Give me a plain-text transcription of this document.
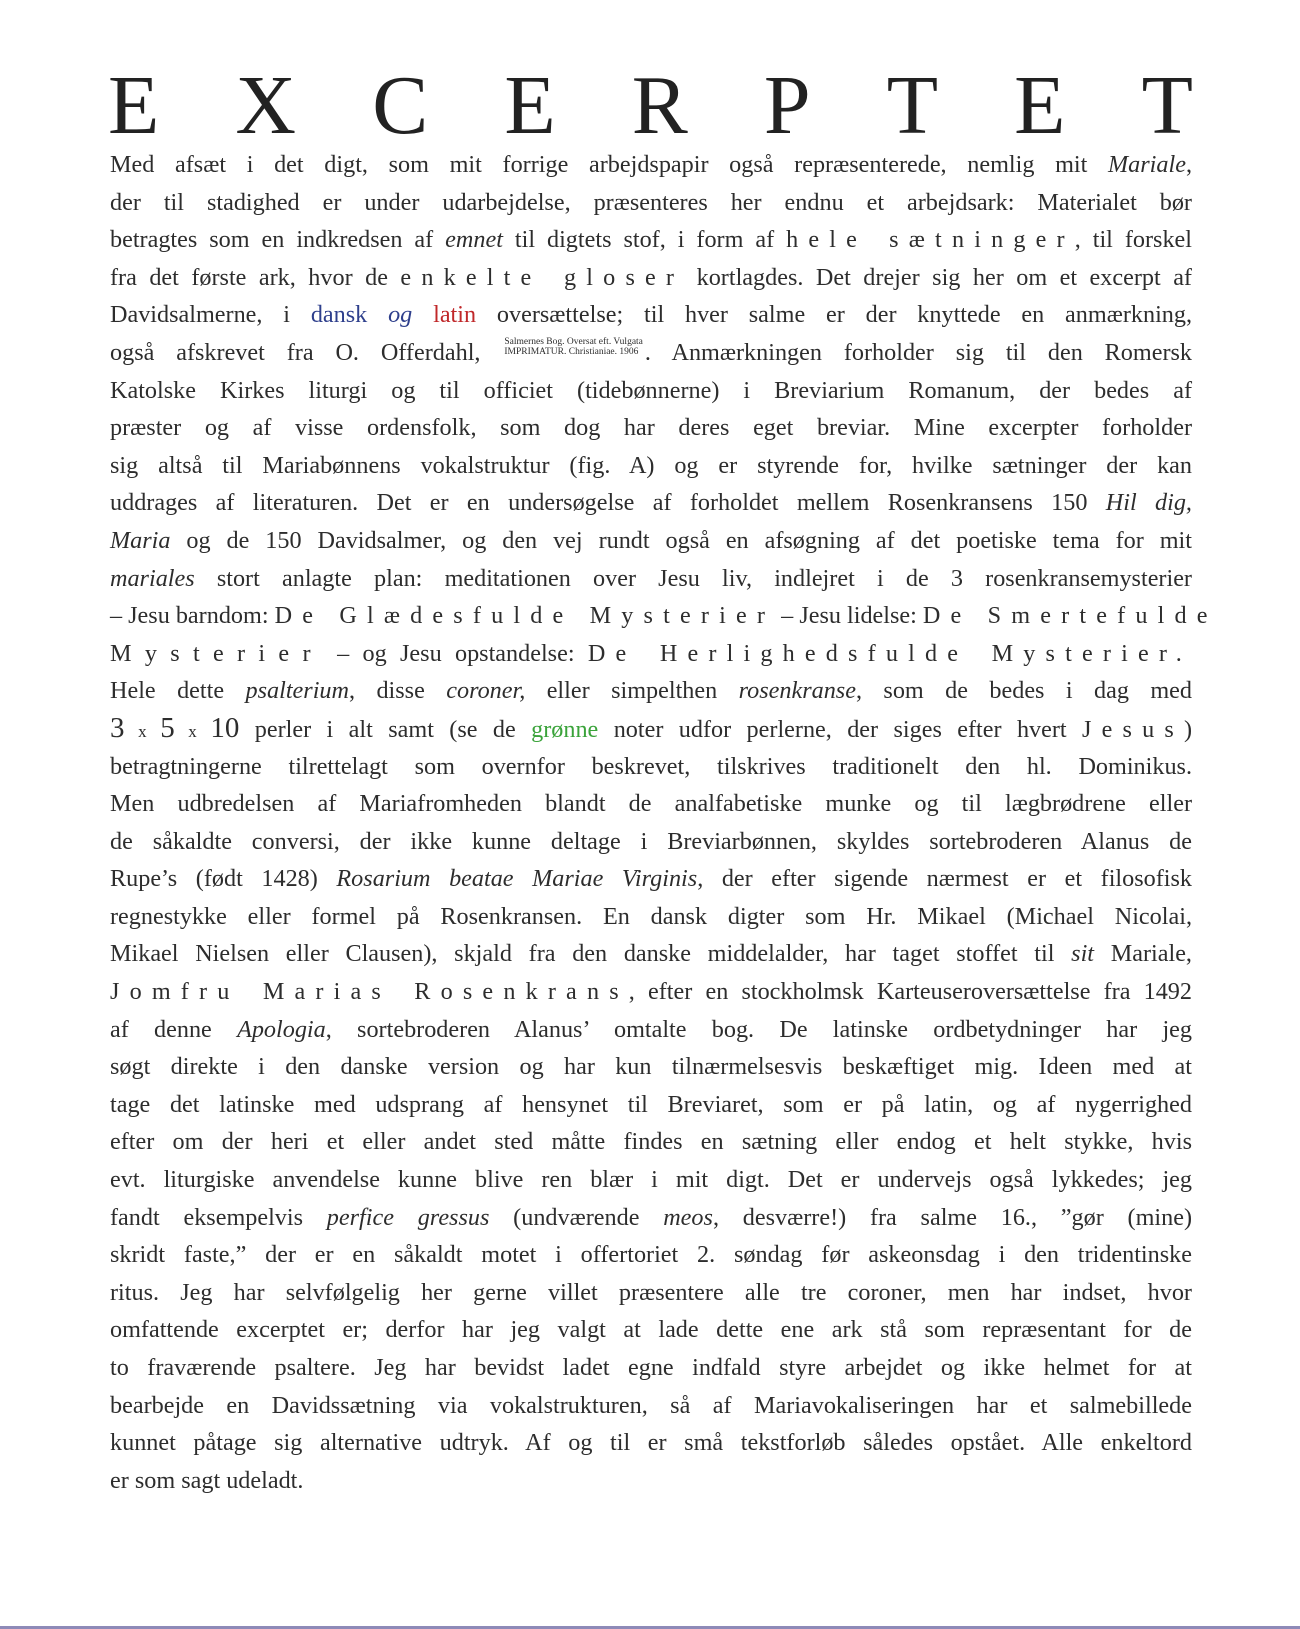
E X C E R P T E T
Med afsæt i det digt, som mit forrige arbejdspapir også repræsenterede, nemlig mit Mariale,
der til stadighed er under udarbejdelse, præsenteres her endnu et arbejdsark: Materialet bør
betragtes som en indkredsen af emnet til digtets stof, i form af hele sætninger, til forskel
fra det første ark, hvor de enkelte gloser kortlagdes. Det drejer sig her om et excerpt af
Davidsalmerne, i dansk og latin oversættelse; til hver salme er der knyttede en anmærkning,
også afskrevet fra O. Offerdahl, Salmernes Bog. Oversat eft. Vulgata
IMPRIMATUR. Christianiae. 1906 . Anmærkningen forholder sig til den Romersk
Katolske Kirkes liturgi og til officiet (tidebønnerne) i Breviarium Romanum, der bedes af
præster og af visse ordensfolk, som dog har deres eget breviar. Mine excerpter forholder
sig altså til Mariabønnens vokalstruktur (fig. A) og er styrende for, hvilke sætninger der kan
uddrages af literaturen. Det er en undersøgelse af forholdet mellem Rosenkransens 150 Hil dig,
Maria og de 150 Davidsalmer, og den vej rundt også en afsøgning af det poetiske tema for mit
mariales stort anlagte plan: meditationen over Jesu liv, indlejret i de 3 rosenkransemysterier
– Jesu barndom: De Glædesfulde Mysterier – Jesu lidelse: De Smertefulde
Mysterier – og Jesu opstandelse: De Herlighedsfulde Mysterier.
Hele dette psalterium, disse coroner, eller simpelthen rosenkranse, som de bedes i dag med
3 x 5 x 10 perler i alt samt (se de grønne noter udfor perlerne, der siges efter hvert Jesus)
betragtningerne tilrettelagt som overnfor beskrevet, tilskrives traditionelt den hl. Dominikus.
Men udbredelsen af Mariafromheden blandt de analfabetiske munke og til lægbrødrene eller
de såkaldte conversi, der ikke kunne deltage i Breviarbønnen, skyldes sortebroderen Alanus de
Rupe’s (født 1428) Rosarium beatae Mariae Virginis, der efter sigende nærmest er et filosofisk
regnestykke eller formel på Rosenkransen. En dansk digter som Hr. Mikael (Michael Nicolai,
Mikael Nielsen eller Clausen), skjald fra den danske middelalder, har taget stoffet til sit Mariale,
Jomfru Marias Rosenkrans, efter en stockholmsk Karteuseroversættelse fra 1492
af denne Apologia, sortebroderen Alanus’ omtalte bog. De latinske ordbetydninger har jeg
søgt direkte i den danske version og har kun tilnærmelsesvis beskæftiget mig. Ideen med at
tage det latinske med udsprang af hensynet til Breviaret, som er på latin, og af nygerrighed
efter om der heri et eller andet sted måtte findes en sætning eller endog et helt stykke, hvis
evt. liturgiske anvendelse kunne blive ren blær i mit digt. Det er undervejs også lykkedes; jeg
fandt eksempelvis perfice gressus (undværende meos, desværre!) fra salme 16., ”gør (mine)
skridt faste,” der er en såkaldt motet i offertoriet 2. søndag før askeonsdag i den tridentinske
ritus. Jeg har selvfølgelig her gerne villet præsentere alle tre coroner, men har indset, hvor
omfattende excerptet er; derfor har jeg valgt at lade dette ene ark stå som repræsentant for de
to fraværende psaltere. Jeg har bevidst ladet egne indfald styre arbejdet og ikke helmet for at
bearbejde en Davidssætning via vokalstrukturen, så af Mariavokaliseringen har et salmebillede
kunnet påtage sig alternative udtryk. Af og til er små tekstforløb således opstået. Alle enkeltord
er som sagt udeladt.
